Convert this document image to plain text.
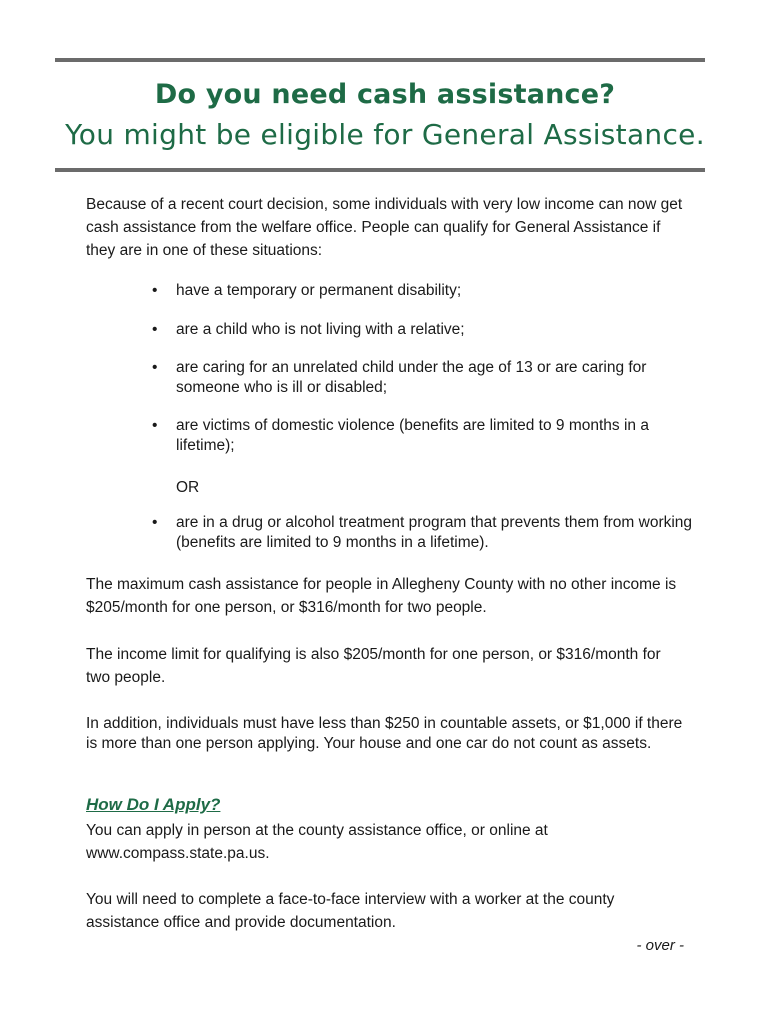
Do you need cash assistance?
You might be eligible for General Assistance.

Because of a recent court decision, some individuals with very low income can now get cash assistance from the welfare office. People can qualify for General Assistance if they are in one of these situations:

• have a temporary or permanent disability;
• are a child who is not living with a relative;
• are caring for an unrelated child under the age of 13 or are caring for someone who is ill or disabled;
• are victims of domestic violence (benefits are limited to 9 months in a lifetime);
• are in a drug or alcohol treatment program that prevents them from working (benefits are limited to 9 months in a lifetime).
OR

The maximum cash assistance for people in Allegheny County with no other income is $205/month for one person, or $316/month for two people.

The income limit for qualifying is also $205/month for one person, or $316/month for two people.

In addition, individuals must have less than $250 in countable assets, or $1,000 if there is more than one person applying. Your house and one car do not count as assets.

How Do I Apply?

You can apply in person at the county assistance office, or online at www.compass.state.pa.us.

You will need to complete a face-to-face interview with a worker at the county assistance office and provide documentation.

- over -
